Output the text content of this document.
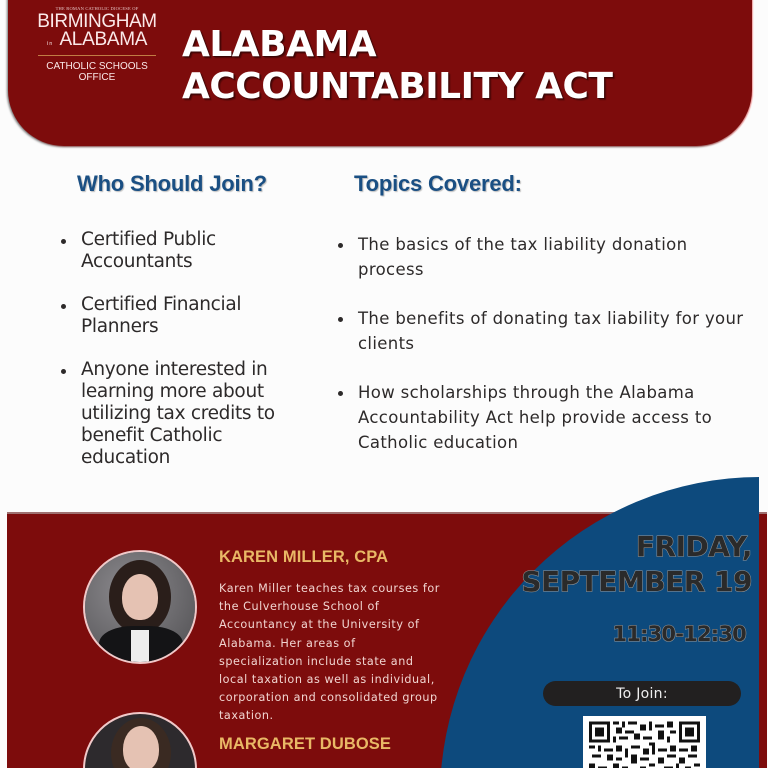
THE ROMAN CATHOLIC DIOCESE OF
BIRMINGHAM
in ALABAMA
CATHOLIC SCHOOLS
OFFICE
ALABAMA
ACCOUNTABILITY ACT
Who Should Join?
Certified Public Accountants
Certified Financial Planners
Anyone interested in learning more about utilizing tax credits to benefit Catholic education
Topics Covered:
The basics of the tax liability donation process
The benefits of donating tax liability for your clients
How scholarships through the Alabama Accountability Act help provide access to Catholic education
KAREN MILLER, CPA
Karen Miller teaches tax courses for the Culverhouse School of Accountancy at the University of Alabama. Her areas of specialization include state and local taxation as well as individual, corporation and consolidated group taxation.
MARGARET DUBOSE
FRIDAY,
SEPTEMBER 19
11:30-12:30
To Join:
